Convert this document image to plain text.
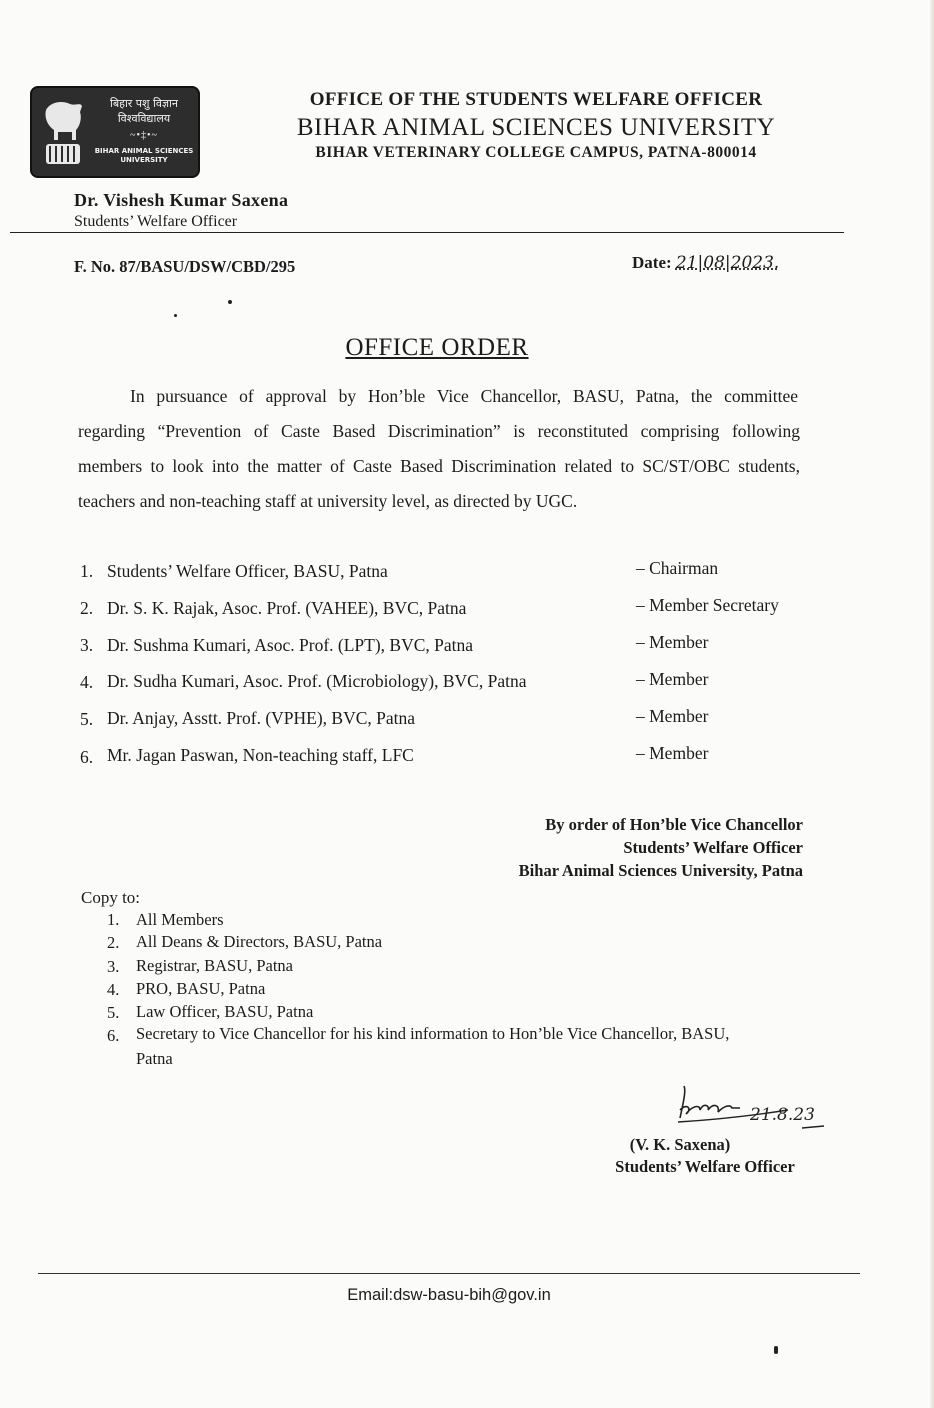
बिहार पशु विज्ञान
विश्वविद्यालय
~•‡•~
BIHAR ANIMAL SCIENCES UNIVERSITY
OFFICE OF THE STUDENTS WELFARE OFFICER
BIHAR ANIMAL SCIENCES UNIVERSITY
BIHAR VETERINARY COLLEGE CAMPUS, PATNA-800014
Dr. Vishesh Kumar Saxena
Students’ Welfare Officer
F. No. 87/BASU/DSW/CBD/295	Date: 21|08|2023.
OFFICE ORDER
In pursuance of approval by Hon’ble Vice Chancellor, BASU, Patna, the committee
regarding “Prevention of Caste Based Discrimination” is reconstituted comprising following
members to look into the matter of Caste Based Discrimination related to SC/ST/OBC students,
teachers and non-teaching staff at university level, as directed by UGC.
1. Students’ Welfare Officer, BASU, Patna	– Chairman
2. Dr. S. K. Rajak, Asoc. Prof. (VAHEE), BVC, Patna	– Member Secretary
3. Dr. Sushma Kumari, Asoc. Prof. (LPT), BVC, Patna	– Member
4. Dr. Sudha Kumari, Asoc. Prof. (Microbiology), BVC, Patna	– Member
5. Dr. Anjay, Asstt. Prof. (VPHE), BVC, Patna	– Member
6. Mr. Jagan Paswan, Non-teaching staff, LFC	– Member
By order of Hon’ble Vice Chancellor
Students’ Welfare Officer
Bihar Animal Sciences University, Patna
Copy to:
1. All Members
2. All Deans & Directors, BASU, Patna
3. Registrar, BASU, Patna
4. PRO, BASU, Patna
5. Law Officer, BASU, Patna
6. Secretary to Vice Chancellor for his kind information to Hon’ble Vice Chancellor, BASU,
Patna
21.8.23
(V. K. Saxena)
Students’ Welfare Officer
Email:dsw-basu-bih@gov.in
